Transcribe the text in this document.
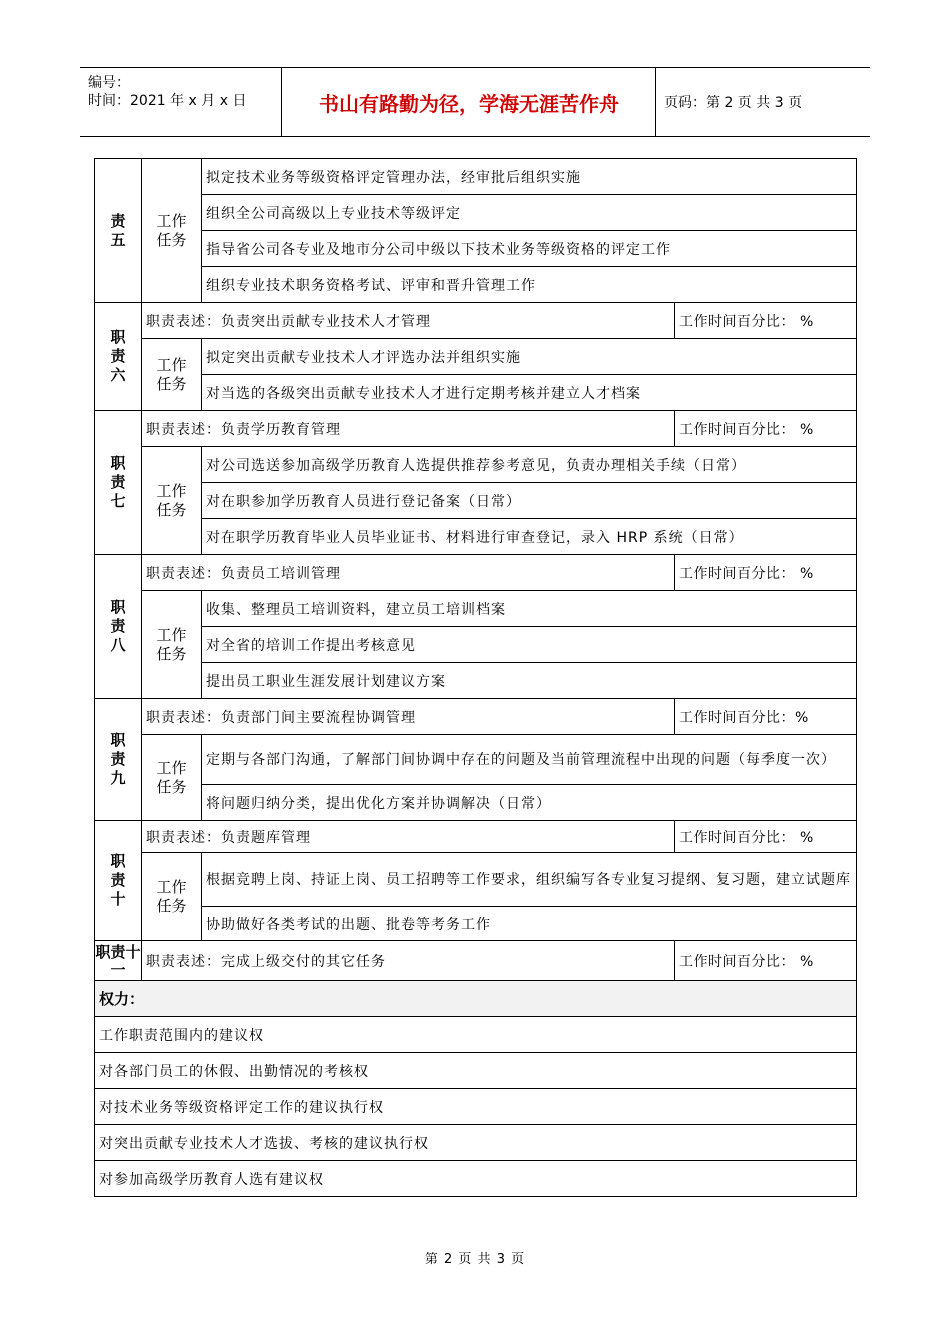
编号：
时间：2021 年 x 月 x 日	书山有路勤为径，学海无涯苦作舟	页码：第 2 页 共 3 页
责五	工作任务	拟定技术业务等级资格评定管理办法，经审批后组织实施	
		组织全公司高级以上专业技术等级评定	
		指导省公司各专业及地市分公司中级以下技术业务等级资格的评定工作	
		组织专业技术职务资格考试、评审和晋升管理工作	
职责六	职责表述：负责突出贡献专业技术人才管理		工作时间百分比： %
	工作任务	拟定突出贡献专业技术人才评选办法并组织实施	
		对当选的各级突出贡献专业技术人才进行定期考核并建立人才档案	
职责七	职责表述：负责学历教育管理		工作时间百分比： %
	工作任务	对公司选送参加高级学历教育人选提供推荐参考意见，负责办理相关手续（日常）	
		对在职参加学历教育人员进行登记备案（日常）	
		对在职学历教育毕业人员毕业证书、材料进行审查登记，录入 HRP 系统（日常）	
职责八	职责表述：负责员工培训管理		工作时间百分比： %
	工作任务	收集、整理员工培训资料，建立员工培训档案	
		对全省的培训工作提出考核意见	
		提出员工职业生涯发展计划建议方案	
职责九	职责表述：负责部门间主要流程协调管理		工作时间百分比：%
	工作任务	定期与各部门沟通，了解部门间协调中存在的问题及当前管理流程中出现的问题（每季度一次）	
		将问题归纳分类，提出优化方案并协调解决（日常）	
职责十	职责表述：负责题库管理		工作时间百分比： %
	工作任务	根据竞聘上岗、持证上岗、员工招聘等工作要求，组织编写各专业复习提纲、复习题，建立试题库	
		协助做好各类考试的出题、批卷等考务工作	
职责十一	职责表述：完成上级交付的其它任务		工作时间百分比： %
权力：			
工作职责范围内的建议权			
对各部门员工的休假、出勤情况的考核权			
对技术业务等级资格评定工作的建议执行权			
对突出贡献专业技术人才选拔、考核的建议执行权			
对参加高级学历教育人选有建议权			
第 2 页 共 3 页
